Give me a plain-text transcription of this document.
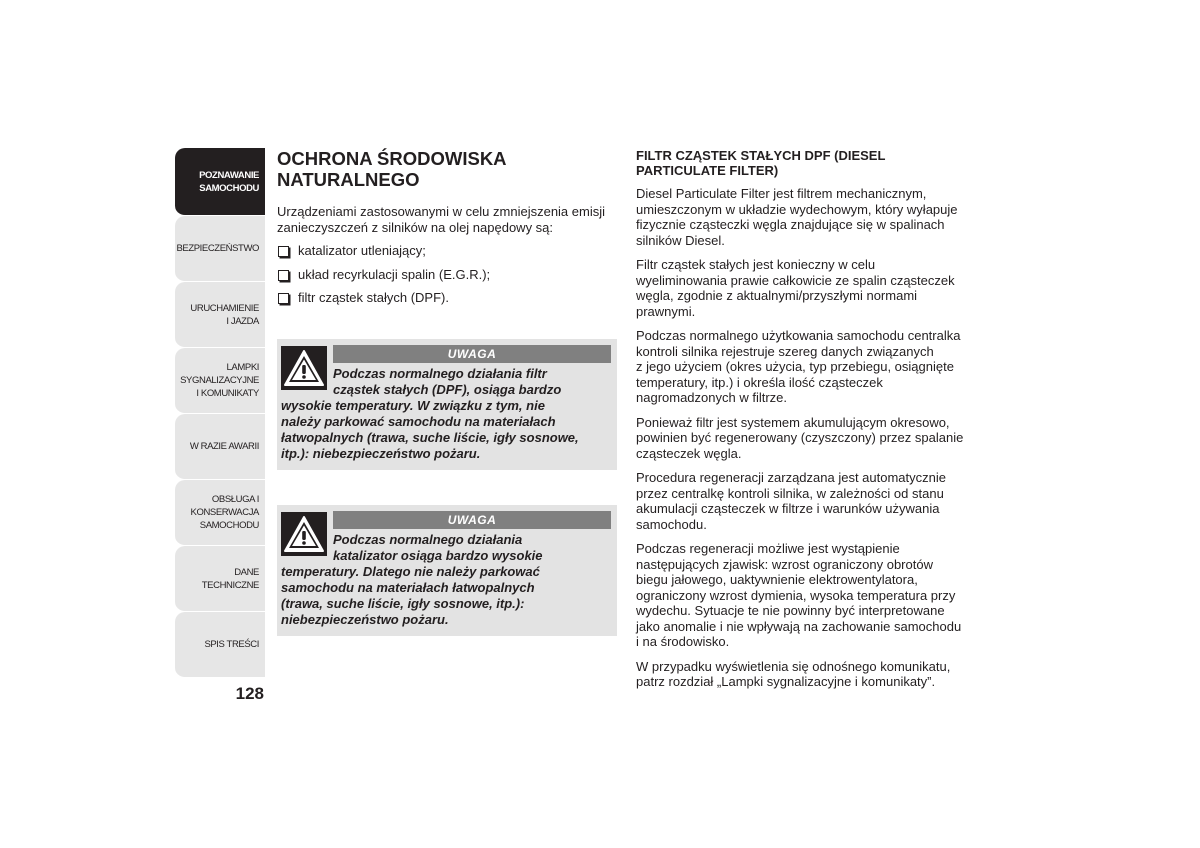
POZNAWANIE
SAMOCHODU
BEZPIECZEŃSTWO
URUCHAMIENIE
I JAZDA
LAMPKI
SYGNALIZACYJNE
I KOMUNIKATY
W RAZIE AWARII
OBSŁUGA I
KONSERWACJA
SAMOCHODU
DANE TECHNICZNE
SPIS TREŚCI
128
OCHRONA ŚRODOWISKA
NATURALNEGO

Urządzeniami zastosowanymi w celu zmniejszenia emisji
zanieczyszczeń z silników na olej napędowy są:

katalizator utleniający;
układ recyrkulacji spalin (E.G.R.);
filtr cząstek stałych (DPF).
UWAGA

Podczas normalnego działania filtr
cząstek stałych (DPF), osiąga bardzo

wysokie temperatury. W związku z tym, nie
należy parkować samochodu na materiałach
łatwopalnych (trawa, suche liście, igły sosnowe,
itp.): niebezpieczeństwo pożaru.

UWAGA

Podczas normalnego działania
katalizator osiąga bardzo wysokie

temperatury. Dlatego nie należy parkować
samochodu na materiałach łatwopalnych
(trawa, suche liście, igły sosnowe, itp.):
niebezpieczeństwo pożaru.

FILTR CZĄSTEK STAŁYCH DPF (DIESEL
PARTICULATE FILTER)

Diesel Particulate Filter jest filtrem mechanicznym,
umieszczonym w układzie wydechowym, który wyłapuje
fizycznie cząsteczki węgla znajdujące się w spalinach
silników Diesel.

Filtr cząstek stałych jest konieczny w celu
wyeliminowania prawie całkowicie ze spalin cząsteczek
węgla, zgodnie z aktualnymi/przyszłymi normami
prawnymi.

Podczas normalnego użytkowania samochodu centralka
kontroli silnika rejestruje szereg danych związanych
z jego użyciem (okres użycia, typ przebiegu, osiągnięte
temperatury, itp.) i określa ilość cząsteczek
nagromadzonych w filtrze.

Ponieważ filtr jest systemem akumulującym okresowo,
powinien być regenerowany (czyszczony) przez spalanie
cząsteczek węgla.

Procedura regeneracji zarządzana jest automatycznie
przez centralkę kontroli silnika, w zależności od stanu
akumulacji cząsteczek w filtrze i warunków używania
samochodu.

Podczas regeneracji możliwe jest wystąpienie
następujących zjawisk: wzrost ograniczony obrotów
biegu jałowego, uaktywnienie elektrowentylatora,
ograniczony wzrost dymienia, wysoka temperatura przy
wydechu. Sytuacje te nie powinny być interpretowane
jako anomalie i nie wpływają na zachowanie samochodu
i na środowisko.

W przypadku wyświetlenia się odnośnego komunikatu,
patrz rozdział „Lampki sygnalizacyjne i komunikaty”.
